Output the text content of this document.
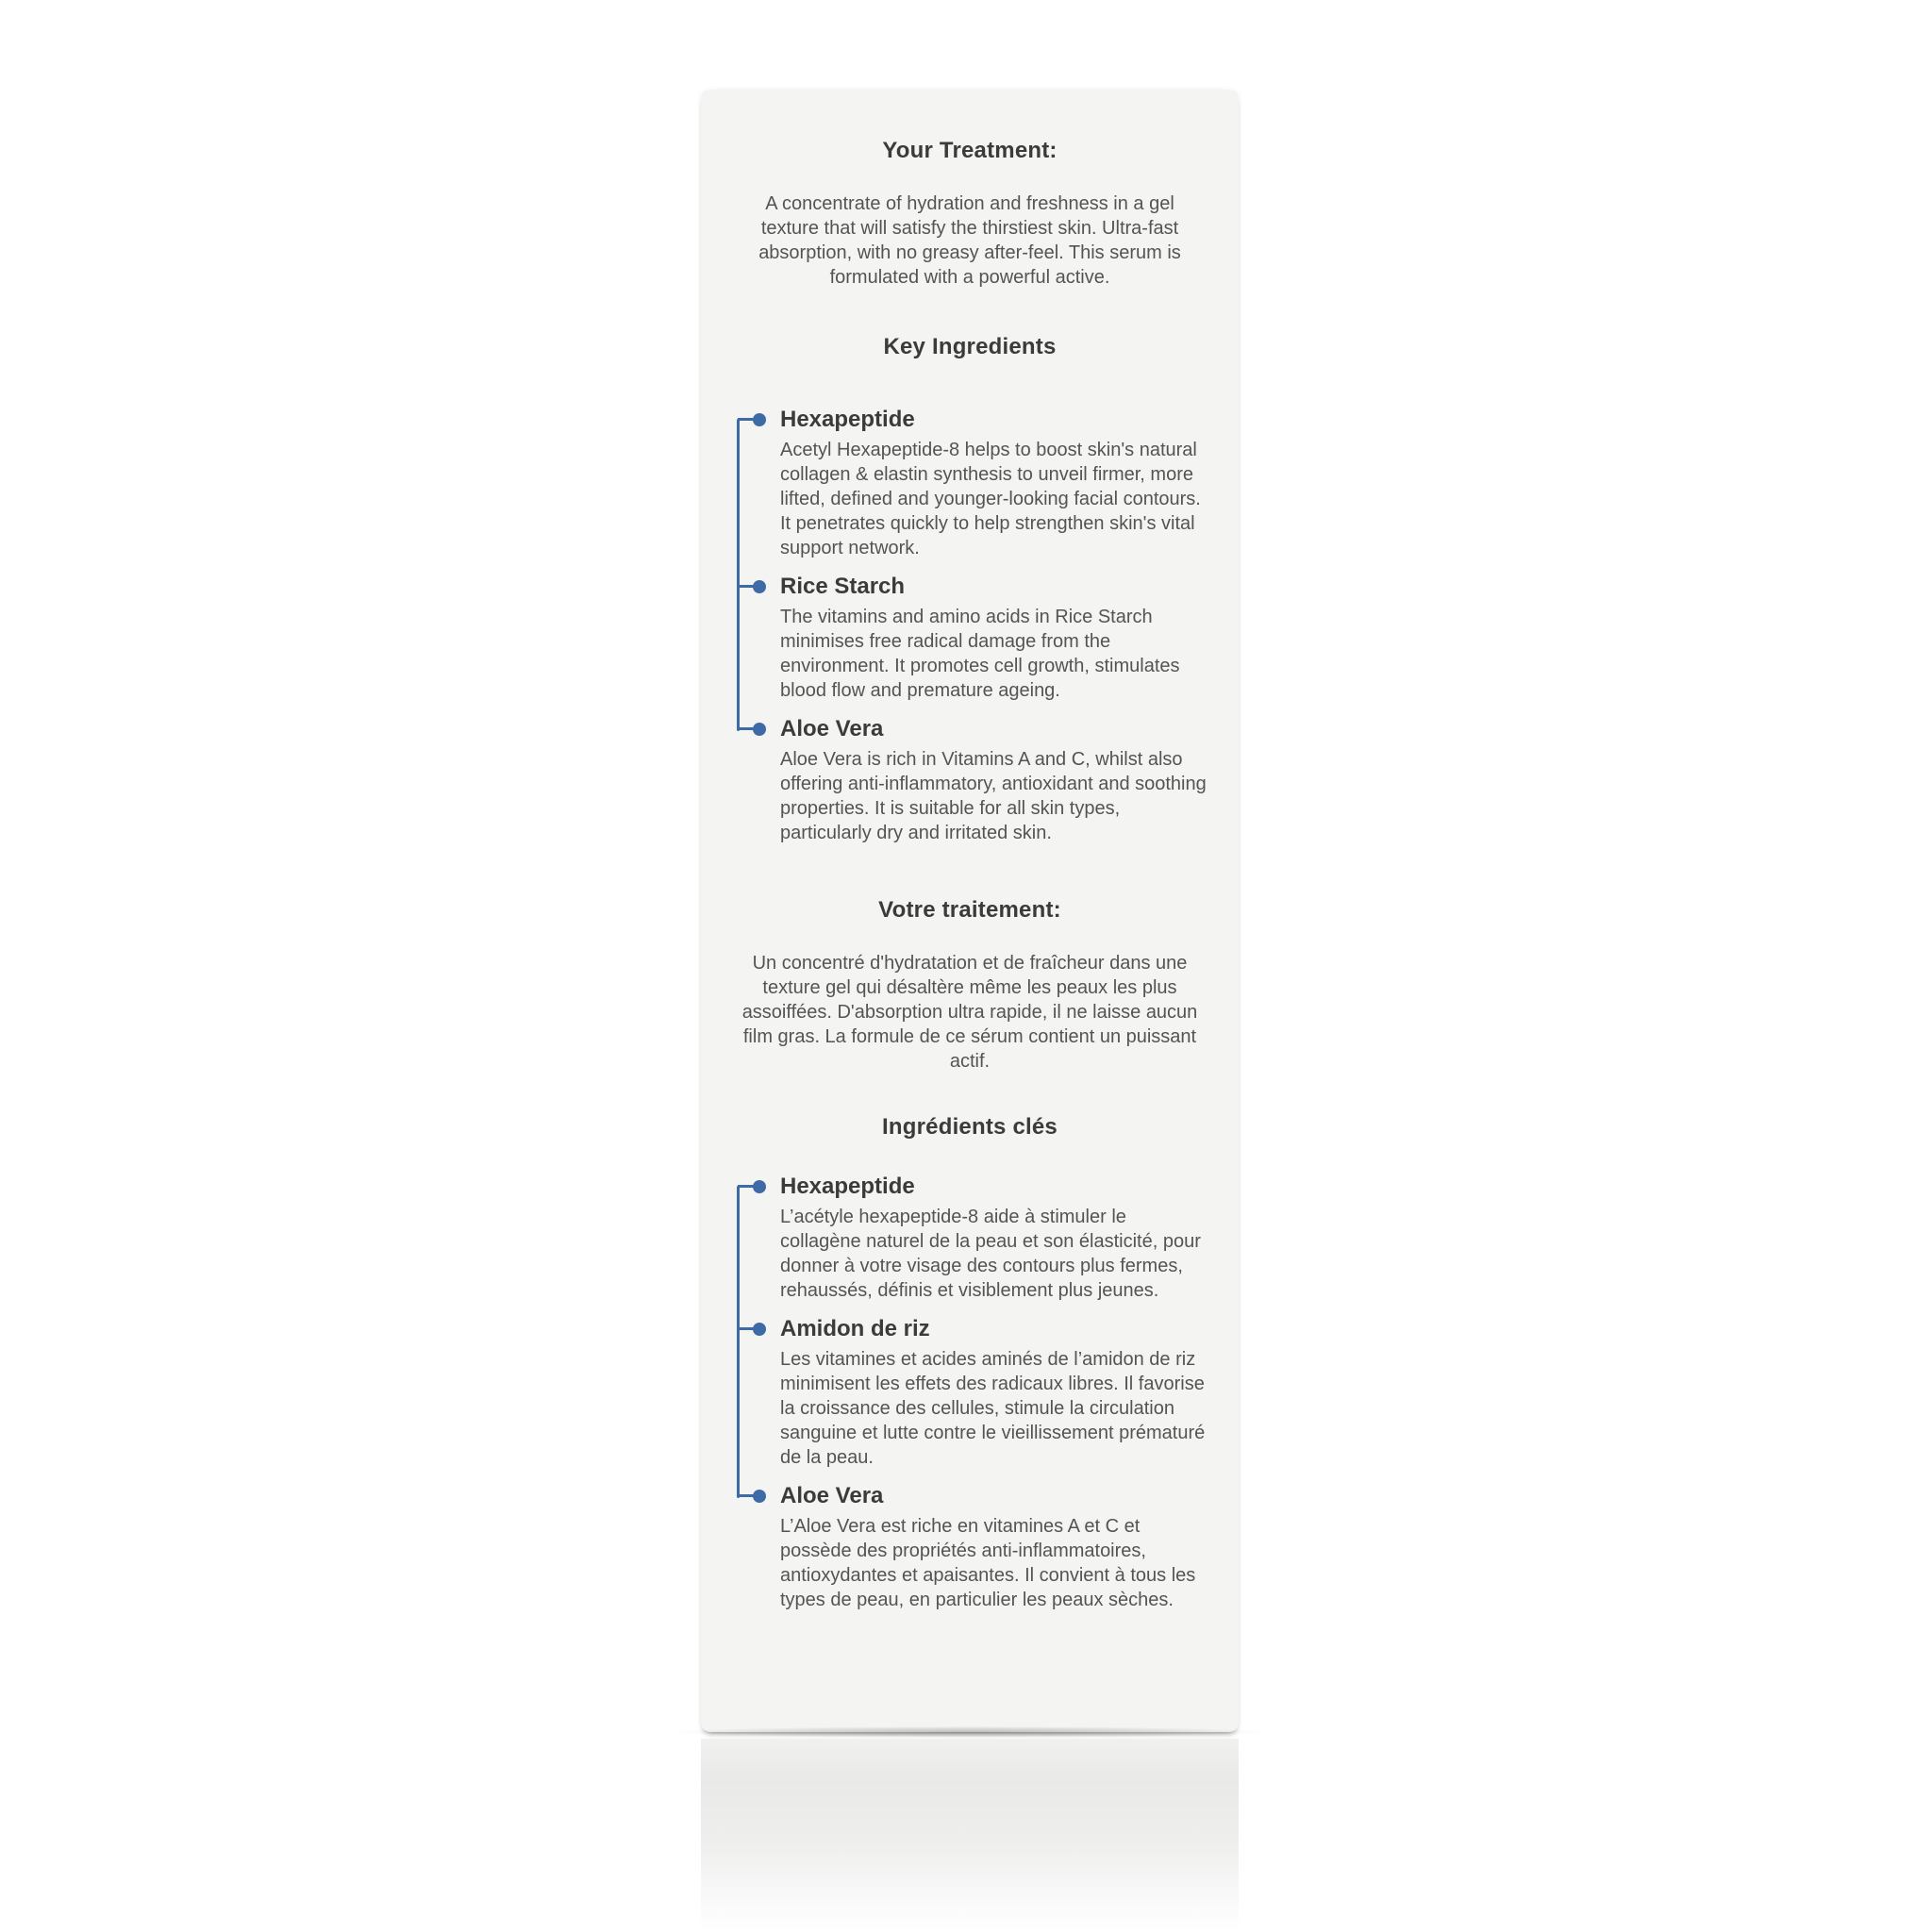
Your Treatment:

A concentrate of hydration and freshness in a gel texture that will satisfy the thirstiest skin. Ultra-fast absorption, with no greasy after-feel. This serum is formulated with a powerful active.

Key Ingredients
Hexapeptide

Acetyl Hexapeptide-8 helps to boost skin's natural collagen & elastin synthesis to unveil firmer, more lifted, defined and younger-looking facial contours. It penetrates quickly to help strengthen skin's vital support network.

Rice Starch

The vitamins and amino acids in Rice Starch minimises free radical damage from the environment. It promotes cell growth, stimulates blood flow and premature ageing.

Aloe Vera

Aloe Vera is rich in Vitamins A and C, whilst also offering anti-inflammatory, antioxidant and soothing properties. It is suitable for all skin types, particularly dry and irritated skin.

Votre traitement:

Un concentré d'hydratation et de fraîcheur dans une texture gel qui désaltère même les peaux les plus assoiffées. D'absorption ultra rapide, il ne laisse aucun film gras. La formule de ce sérum contient un puissant actif.

Ingrédients clés
Hexapeptide

L’acétyle hexapeptide-8 aide à stimuler le collagène naturel de la peau et son élasticité, pour donner à votre visage des contours plus fermes, rehaussés, définis et visiblement plus jeunes.

Amidon de riz

Les vitamines et acides aminés de l’amidon de riz minimisent les effets des radicaux libres. Il favorise la croissance des cellules, stimule la circulation sanguine et lutte contre le vieillissement prématuré de la peau.

Aloe Vera

L’Aloe Vera est riche en vitamines A et C et possède des propriétés anti-inflammatoires, antioxydantes et apaisantes. Il convient à tous les types de peau, en particulier les peaux sèches.
